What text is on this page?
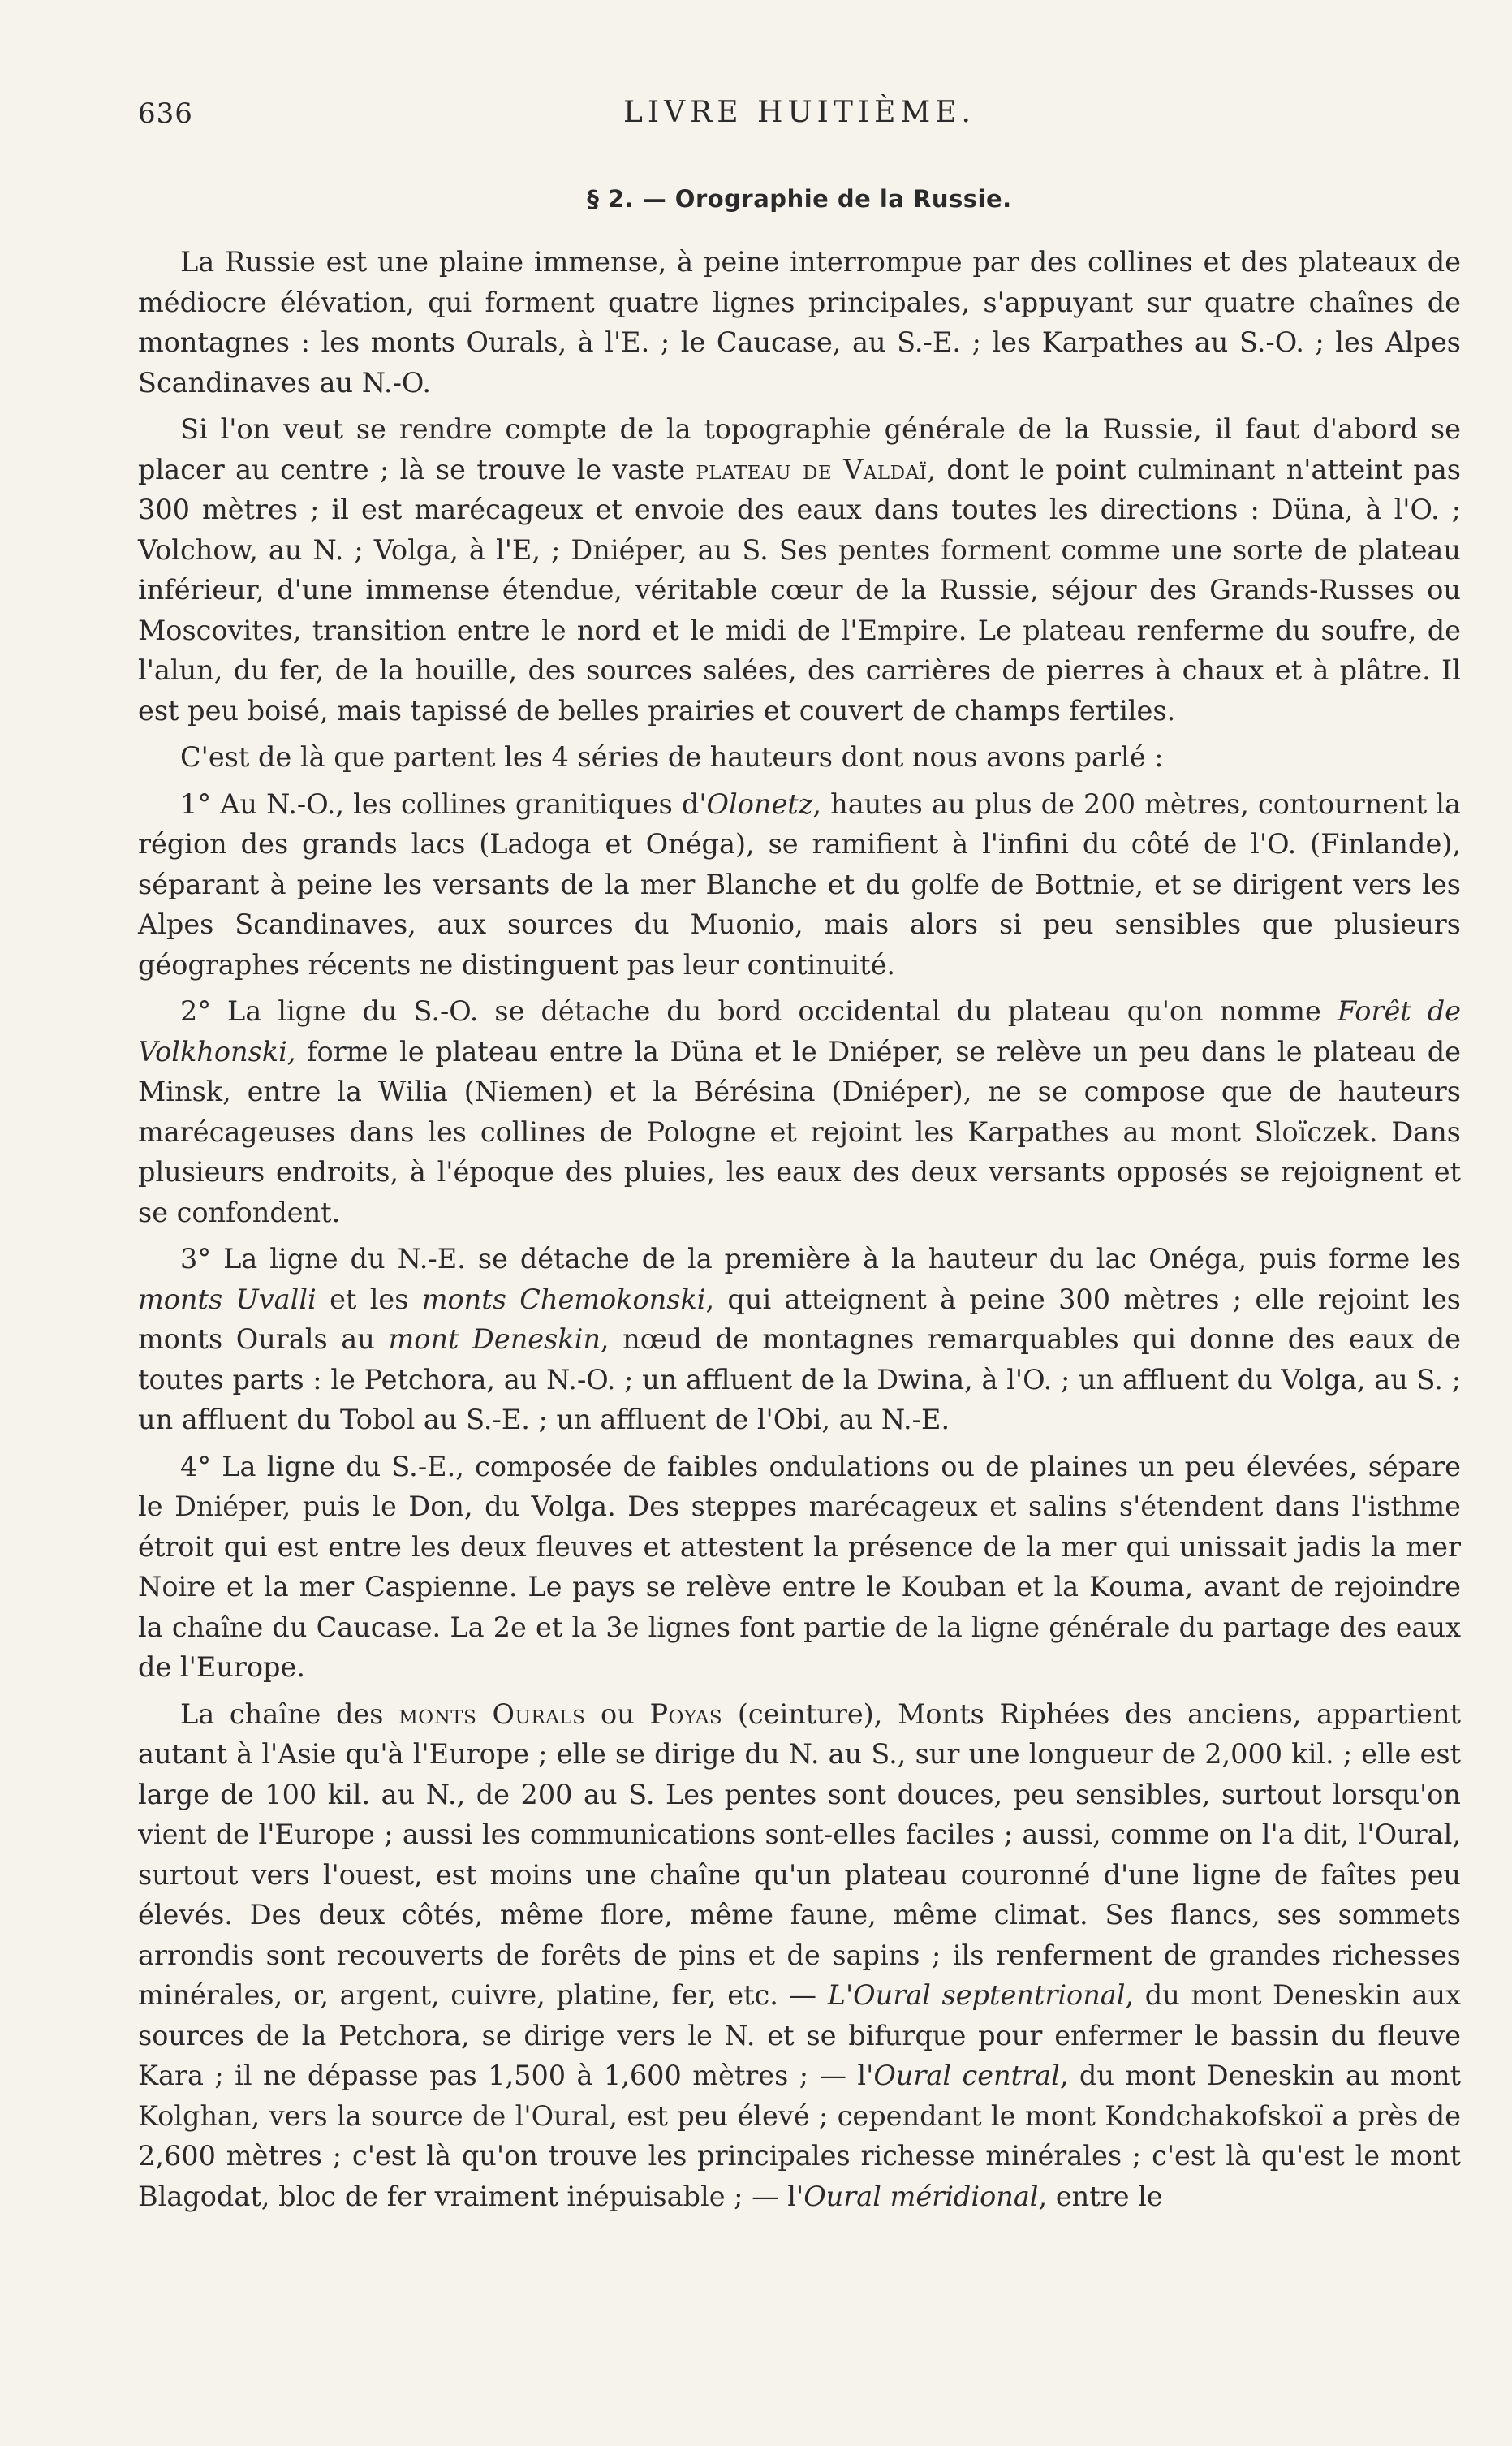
636	LIVRE HUITIÈME.
§ 2. — Orographie de la Russie.

La Russie est une plaine immense, à peine interrompue par des collines et des plateaux de médiocre élévation, qui forment quatre lignes principales, s'appuyant sur quatre chaînes de montagnes : les monts Ourals, à l'E. ; le Caucase, au S.-E. ; les Karpathes au S.-O. ; les Alpes Scandinaves au N.-O.

Si l'on veut se rendre compte de la topographie générale de la Russie, il faut d'abord se placer au centre ; là se trouve le vaste plateau de Valdaï, dont le point culminant n'atteint pas 300 mètres ; il est marécageux et envoie des eaux dans toutes les directions : Düna, à l'O. ; Volchow, au N. ; Volga, à l'E, ; Dniéper, au S. Ses pentes forment comme une sorte de plateau inférieur, d'une immense étendue, véritable cœur de la Russie, séjour des Grands-Russes ou Moscovites, transition entre le nord et le midi de l'Empire. Le plateau renferme du soufre, de l'alun, du fer, de la houille, des sources salées, des carrières de pierres à chaux et à plâtre. Il est peu boisé, mais tapissé de belles prairies et couvert de champs fertiles.

C'est de là que partent les 4 séries de hauteurs dont nous avons parlé :

1° Au N.-O., les collines granitiques d'Olonetz, hautes au plus de 200 mètres, contournent la région des grands lacs (Ladoga et Onéga), se ramifient à l'infini du côté de l'O. (Finlande), séparant à peine les versants de la mer Blanche et du golfe de Bottnie, et se dirigent vers les Alpes Scandinaves, aux sources du Muonio, mais alors si peu sensibles que plusieurs géographes récents ne distinguent pas leur continuité.

2° La ligne du S.-O. se détache du bord occidental du plateau qu'on nomme Forêt de Volkhonski, forme le plateau entre la Düna et le Dniéper, se relève un peu dans le plateau de Minsk, entre la Wilia (Niemen) et la Bérésina (Dniéper), ne se compose que de hauteurs marécageuses dans les collines de Pologne et rejoint les Karpathes au mont Sloïczek. Dans plusieurs endroits, à l'époque des pluies, les eaux des deux versants opposés se rejoignent et se confondent.

3° La ligne du N.-E. se détache de la première à la hauteur du lac Onéga, puis forme les monts Uvalli et les monts Chemokonski, qui atteignent à peine 300 mètres ; elle rejoint les monts Ourals au mont Deneskin, nœud de montagnes remarquables qui donne des eaux de toutes parts : le Petchora, au N.-O. ; un affluent de la Dwina, à l'O. ; un affluent du Volga, au S. ; un affluent du Tobol au S.-E. ; un affluent de l'Obi, au N.-E.

4° La ligne du S.-E., composée de faibles ondulations ou de plaines un peu élevées, sépare le Dniéper, puis le Don, du Volga. Des steppes marécageux et salins s'étendent dans l'isthme étroit qui est entre les deux fleuves et attestent la présence de la mer qui unissait jadis la mer Noire et la mer Caspienne. Le pays se relève entre le Kouban et la Kouma, avant de rejoindre la chaîne du Caucase. La 2e et la 3e lignes font partie de la ligne générale du partage des eaux de l'Europe.

La chaîne des monts Ourals ou Poyas (ceinture), Monts Riphées des anciens, appartient autant à l'Asie qu'à l'Europe ; elle se dirige du N. au S., sur une longueur de 2,000 kil. ; elle est large de 100 kil. au N., de 200 au S. Les pentes sont douces, peu sensibles, surtout lorsqu'on vient de l'Europe ; aussi les communications sont-elles faciles ; aussi, comme on l'a dit, l'Oural, surtout vers l'ouest, est moins une chaîne qu'un plateau couronné d'une ligne de faîtes peu élevés. Des deux côtés, même flore, même faune, même climat. Ses flancs, ses sommets arrondis sont recouverts de forêts de pins et de sapins ; ils renferment de grandes richesses minérales, or, argent, cuivre, platine, fer, etc. — L'Oural septentrional, du mont Deneskin aux sources de la Petchora, se dirige vers le N. et se bifurque pour enfermer le bassin du fleuve Kara ; il ne dépasse pas 1,500 à 1,600 mètres ; — l'Oural central, du mont Deneskin au mont Kolghan, vers la source de l'Oural, est peu élevé ; cependant le mont Kondchakofskoï a près de 2,600 mètres ; c'est là qu'on trouve les principales richesse minérales ; c'est là qu'est le mont Blagodat, bloc de fer vraiment inépuisable ; — l'Oural méridional, entre le
